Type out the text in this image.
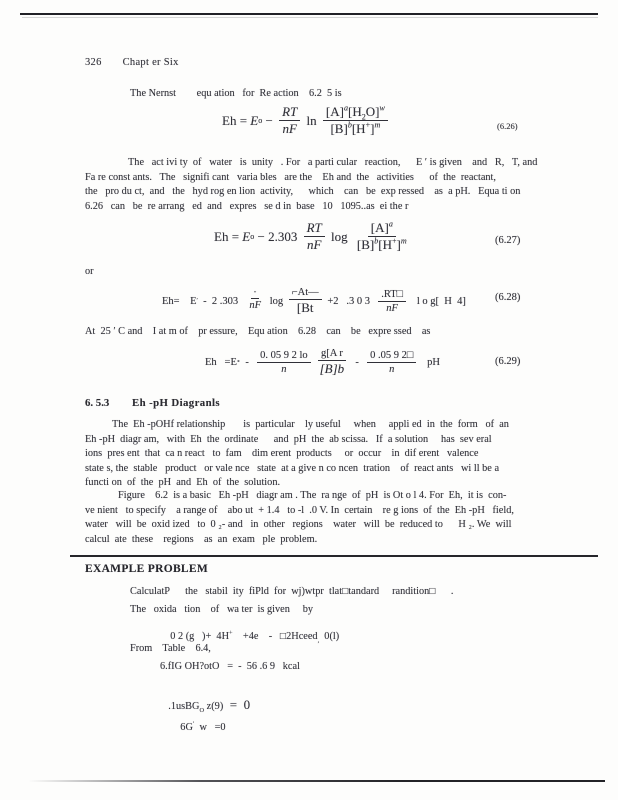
326 Chapt er Six
The Nernst        equ ation   for  Re action    6.2  5 is
Eh = E $o - \frac{RT}{nF}$ $\ln \frac{[A]^a[H_2O]^w}{[B]^b[H^+]^m}$	(6.26)
The   act ivi ty  of   water   is  unity   . For   a parti cular   reaction,      E ′ is given    and   R,   T, and
Fa re const ants.   The   signifi cant   varia bles   are the    Eh and  the   activities      of  the  reactant,
the   pro du ct,  and   the   hyd rog en lion  activity,      which    can   be  exp ressed    as  a pH.   Equa ti on
6.26   can   be  re arrang   ed  and   expres   se d in  base   10   1095..as  ei the r
Eh = E $o - 2.303 \frac{RT}{nF}$ $\log \frac{[A]^a}{[B]^b[H^+]^m}$	(6.27)
or
Eh=    E ′ -  2 $.303 \frac{''}{nF}$ $\log \frac{⌐At—}{[Bt} +2$   .3 0 $3 \frac{.RT□}{nF}$ l o g[  H  4]	(6.28)
At  25 ′ C and    I at m of    pr essure,    Equ ation    6.28    can    be   expre ssed    as
Eh   =E ∘ - $\frac{0. 05 9 2 lo}{n} \frac{\text{g[A r}}{[B]b} - \frac{0 .05 9 2□}{n}$ pH	(6.29)
6. 5.3 Eh -pH Diagranls
The  Eh -pOHf relationship       is  particular    ly useful     when     appli ed  in  the  form   of  an
Eh -pH  diagr am,   with  Eh  the  ordinate      and  pH  the  ab scissa.   If  a solution     has  sev eral
ions  pres ent  that  ca n react   to  fam    dim erent  products     or  occur    in  dif erent   valence
state s, the  stable   product   or vale nce   state  at a give n co ncen  tration    of  react ants   wi ll be a
functi on  of  the  pH  and  Eh  of  the  solution.
Figure    6.2  is a basic   Eh -pH   diagr am . The  ra nge  of  pH  is Ot o l 4. For  Eh,  it is  con-
ve nient   to specify    a range of    abo ut  + 1.4   to -l  .0 V. In  certain    re g ions  of  the  Eh -pH   field,
water   will  be  oxid ized   to  0 ₂- and   in  other   regions    water   will  be  reduced to      H ₂. We  will
calcul  ate  these    regions    as  an  exam   ple  problem.
EXAMPLE PROBLEM
CalculatP      the   stabil  ity  fiPld  for  wj)wtpr  tlat□tandard     randition□      .
The   oxida   tion    of   wa ter  is given     by

0 2 (g   )+  4H+    +4e    -   □2Hceed$_,$  0(l)

From    Table    6.4,
6.fIG OH?otO   =  -  56 .6 9   kcal

.1usBG$_O$ z(9)  =  0

6G′  w   =0
